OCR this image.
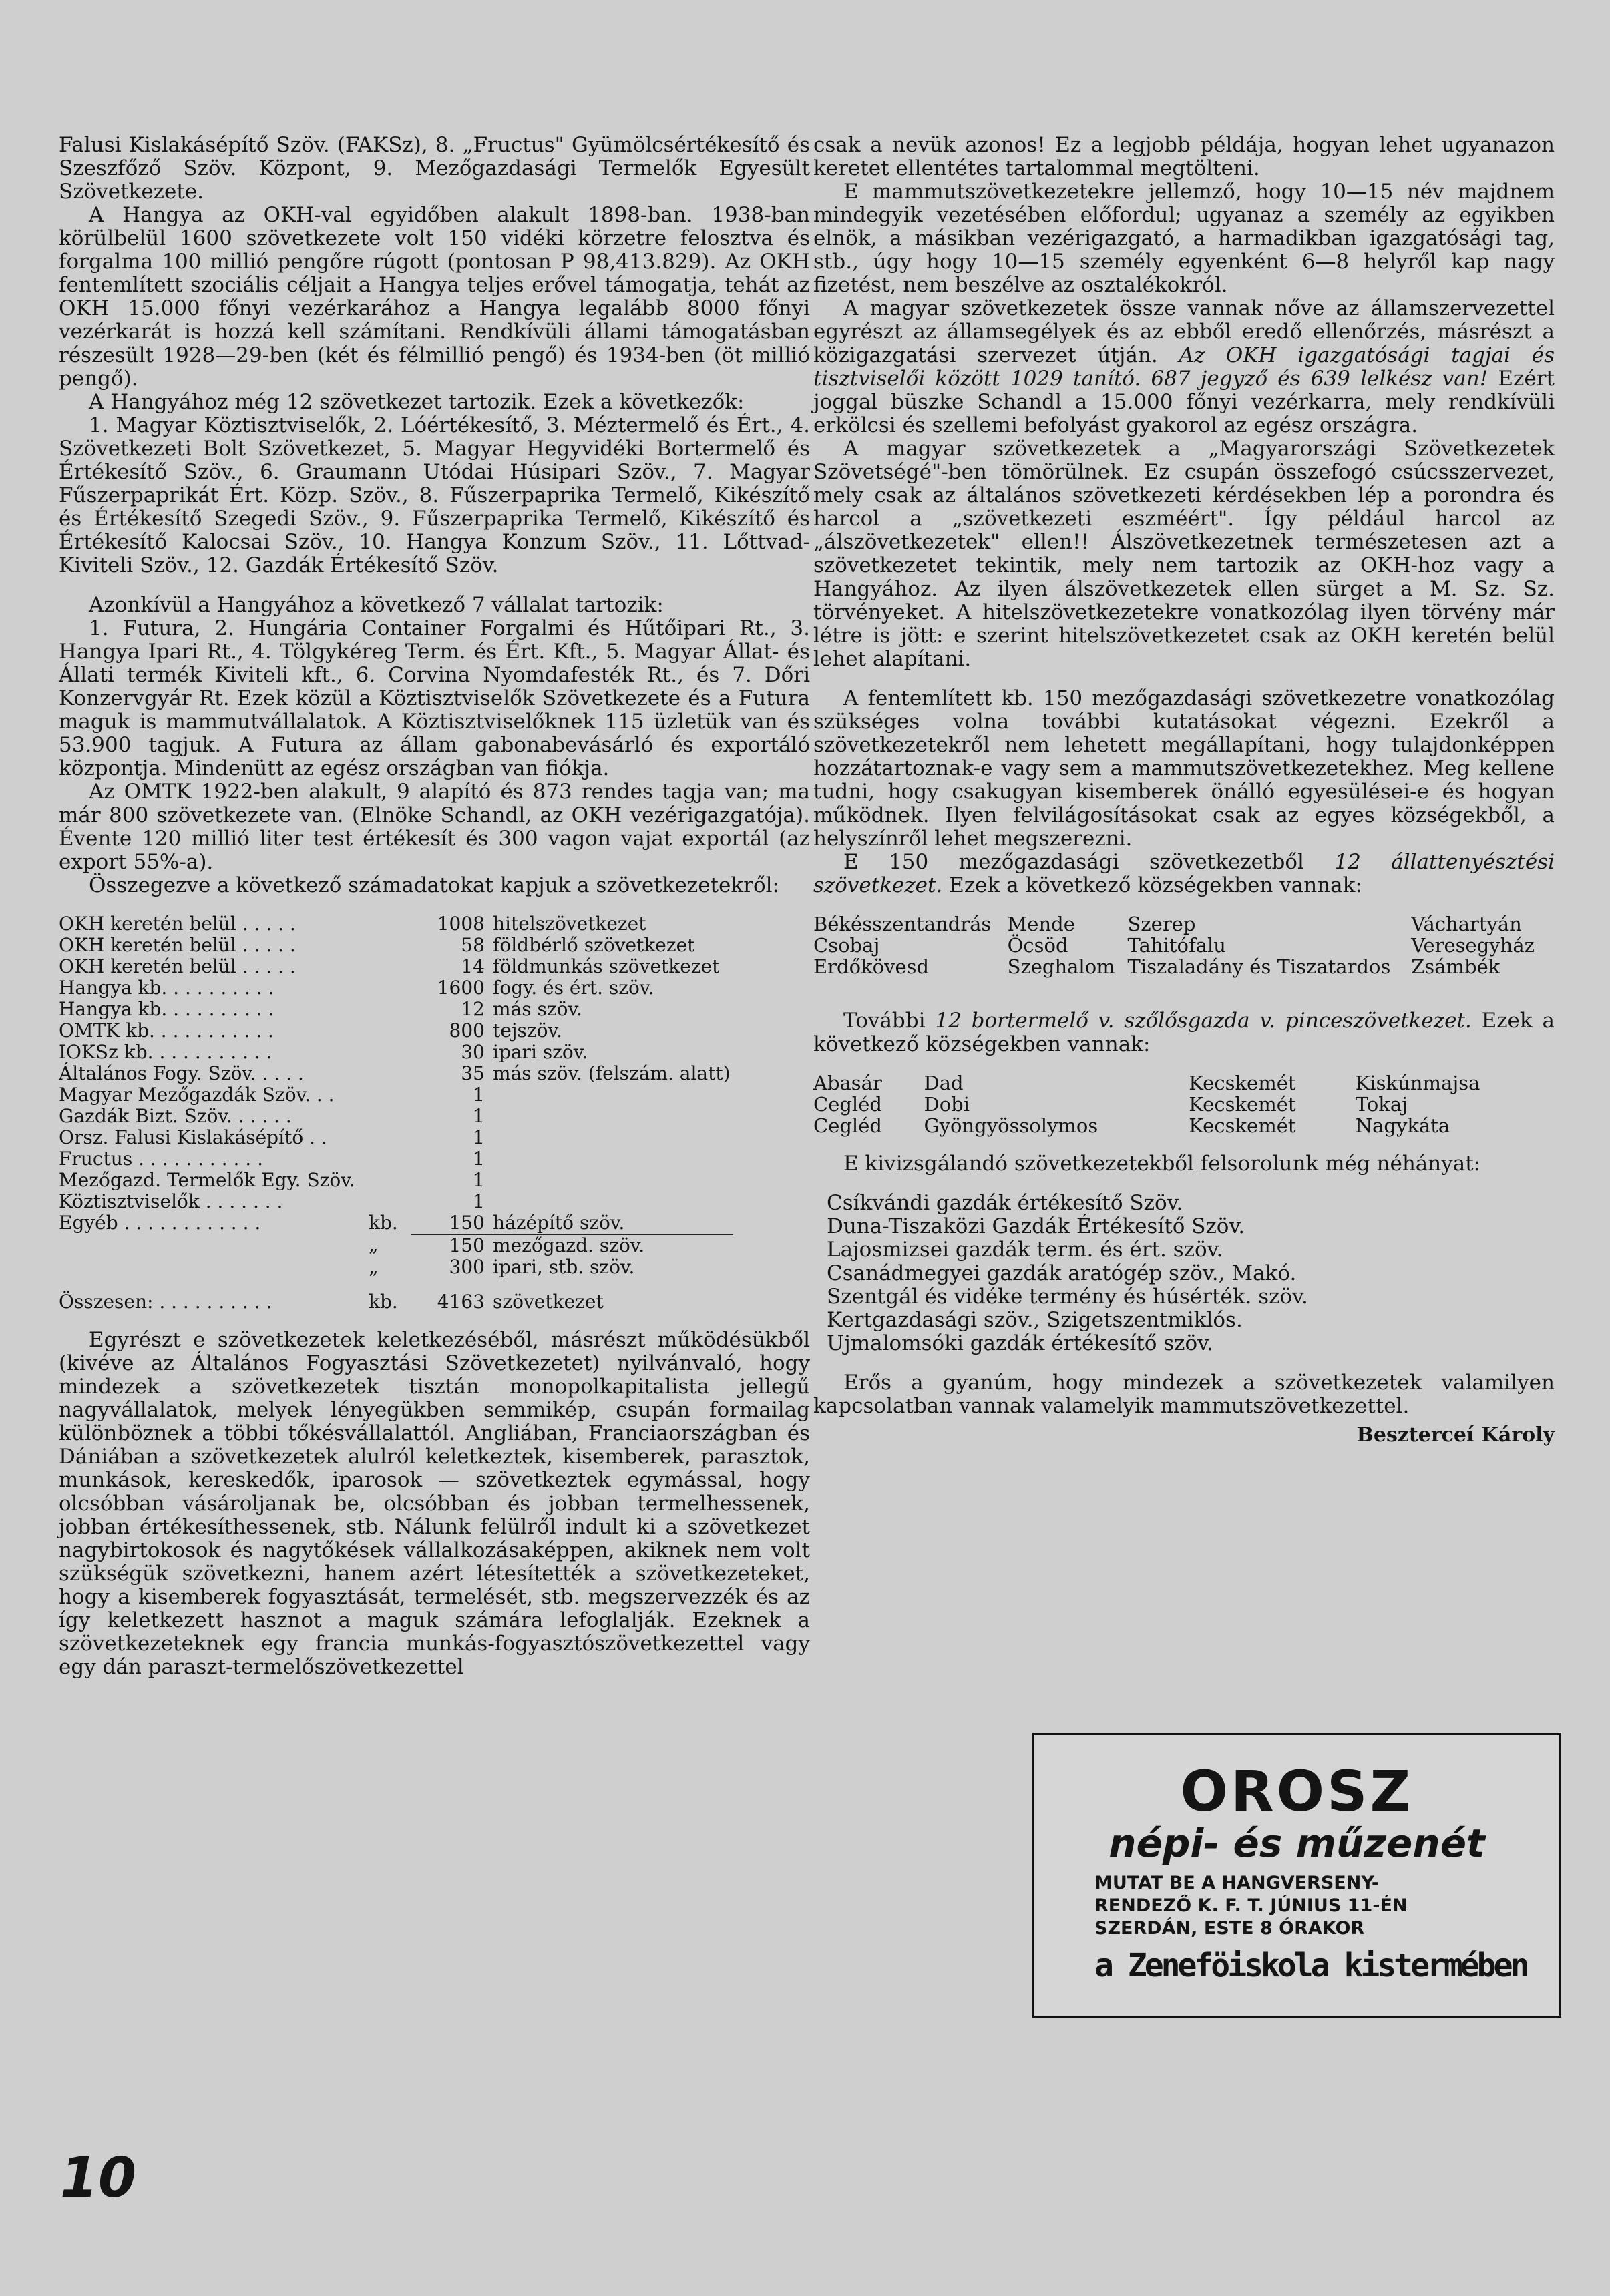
Falusi Kislakásépítő Szöv. (FAKSz), 8. „Fructus" Gyümölcsértékesítő és Szeszfőző Szöv. Központ, 9. Mezőgazdasági Termelők Egyesült Szövetkezete.

A Hangya az OKH-val egyidőben alakult 1898-ban. 1938-ban körülbelül 1600 szövetkezete volt 150 vidéki körzetre felosztva és forgalma 100 millió pengőre rúgott (pontosan P 98,413.829). Az OKH fentemlített szociális céljait a Hangya teljes erővel támogatja, tehát az OKH 15.000 főnyi vezérkarához a Hangya legalább 8000 főnyi vezérkarát is hozzá kell számítani. Rendkívüli állami támogatásban részesült 1928—29-ben (két és félmillió pengő) és 1934-ben (öt millió pengő).

A Hangyához még 12 szövetkezet tartozik. Ezek a következők:

1. Magyar Köztisztviselők, 2. Lóértékesítő, 3. Méztermelő és Ért., 4. Szövetkezeti Bolt Szövetkezet, 5. Magyar Hegyvidéki Bortermelő és Értékesítő Szöv., 6. Graumann Utódai Húsipari Szöv., 7. Magyar Fűszerpaprikát Ért. Közp. Szöv., 8. Fűszerpaprika Termelő, Kikészítő és Értékesítő Szegedi Szöv., 9. Fűszerpaprika Termelő, Kikészítő és Értékesítő Kalocsai Szöv., 10. Hangya Konzum Szöv., 11. Lőttvad-Kiviteli Szöv., 12. Gazdák Értékesítő Szöv.

Azonkívül a Hangyához a következő 7 vállalat tartozik:

1. Futura, 2. Hungária Container Forgalmi és Hűtőipari Rt., 3. Hangya Ipari Rt., 4. Tölgykéreg Term. és Ért. Kft., 5. Magyar Állat- és Állati termék Kiviteli kft., 6. Corvina Nyomdafesték Rt., és 7. Dőri Konzervgyár Rt. Ezek közül a Köztisztviselők Szövetkezete és a Futura maguk is mammutvállalatok. A Köztisztviselőknek 115 üzletük van és 53.900 tagjuk. A Futura az állam gabonabevásárló és exportáló központja. Mindenütt az egész országban van fiókja.

Az OMTK 1922-ben alakult, 9 alapító és 873 rendes tagja van; ma már 800 szövetkezete van. (Elnöke Schandl, az OKH vezérigazgatója). Évente 120 millió liter test értékesít és 300 vagon vajat exportál (az export 55%-a).

Összegezve a következő számadatokat kapjuk a szövetkezetekről:

OKH keretén belül . . . . .		1008	hitelszövetkezet
OKH keretén belül . . . . .		58	földbérlő szövetkezet
OKH keretén belül . . . . .		14	földmunkás szövetkezet
Hangya kb. . . . . . . . . .		1600	fogy. és ért. szöv.
Hangya kb. . . . . . . . . .		12	más szöv.
OMTK kb. . . . . . . . . . .		800	tejszöv.
IOKSz kb. . . . . . . . . . .		30	ipari szöv.
Általános Fogy. Szöv. . . . .		35	más szöv. (felszám. alatt)
Magyar Mezőgazdák Szöv. . .		1	
Gazdák Bizt. Szöv. . . . . .		1	
Orsz. Falusi Kislakásépítő . .		1	
Fructus . . . . . . . . . . .		1	
Mezőgazd. Termelők Egy. Szöv.		1	
Köztisztviselők . . . . . . .		1	
Egyéb . . . . . . . . . . . .	kb.	150	házépítő szöv.
	„	150	mezőgazd. szöv.
	„	300	ipari, stb. szöv.
Összesen: . . . . . . . . . .	kb.	4163	szövetkezet

Egyrészt e szövetkezetek keletkezéséből, másrészt működésükből (kivéve az Általános Fogyasztási Szövetkezetet) nyilvánvaló, hogy mindezek a szövetkezetek tisztán monopolkapitalista jellegű nagyvállalatok, melyek lényegükben semmikép, csupán formailag különböznek a többi tőkésvállalattól. Angliában, Franciaországban és Dániában a szövetkezetek alulról keletkeztek, kisemberek, parasztok, munkások, kereskedők, iparosok — szövetkeztek egymással, hogy olcsóbban vásároljanak be, olcsóbban és jobban termelhessenek, jobban értékesíthessenek, stb. Nálunk felülről indult ki a szövetkezet nagybirtokosok és nagytőkések vállalkozásaképpen, akiknek nem volt szükségük szövetkezni, hanem azért létesítették a szövetkezeteket, hogy a kisemberek fogyasztását, termelését, stb. megszervezzék és az így keletkezett hasznot a maguk számára lefoglalják. Ezeknek a szövetkezeteknek egy francia munkás-fogyasztószövetkezettel vagy egy dán paraszt-termelőszövetkezettel

csak a nevük azonos! Ez a legjobb példája, hogyan lehet ugyanazon keretet ellentétes tartalommal megtölteni.

E mammutszövetkezetekre jellemző, hogy 10—15 név majdnem mindegyik vezetésében előfordul; ugyanaz a személy az egyikben elnök, a másikban vezérigazgató, a harmadikban igazgatósági tag, stb., úgy hogy 10—15 személy egyenként 6—8 helyről kap nagy fizetést, nem beszélve az osztalékokról.

A magyar szövetkezetek össze vannak nőve az államszervezettel egyrészt az államsegélyek és az ebből eredő ellenőrzés, másrészt a közigazgatási szervezet útján. Az OKH igazgatósági tagjai és tisztviselői között 1029 tanító. 687 jegyző és 639 lelkész van! Ezért joggal büszke Schandl a 15.000 főnyi vezérkarra, mely rendkívüli erkölcsi és szellemi befolyást gyakorol az egész országra.

A magyar szövetkezetek a „Magyarországi Szövetkezetek Szövetségé"-ben tömörülnek. Ez csupán összefogó csúcsszervezet, mely csak az általános szövetkezeti kérdésekben lép a porondra és harcol a „szövetkezeti eszméért". Így például harcol az „álszövetkezetek" ellen!! Álszövetkezetnek természetesen azt a szövetkezetet tekintik, mely nem tartozik az OKH-hoz vagy a Hangyához. Az ilyen álszövetkezetek ellen sürget a M. Sz. Sz. törvényeket. A hitelszövetkezetekre vonatkozólag ilyen törvény már létre is jött: e szerint hitelszövetkezetet csak az OKH keretén belül lehet alapítani.

A fentemlített kb. 150 mezőgazdasági szövetkezetre vonatkozólag szükséges volna további kutatásokat végezni. Ezekről a szövetkezetekről nem lehetett megállapítani, hogy tulajdonképpen hozzátartoznak-e vagy sem a mammutszövetkezetekhez. Meg kellene tudni, hogy csakugyan kisemberek önálló egyesülései-e és hogyan működnek. Ilyen felvilágosításokat csak az egyes községekből, a helyszínről lehet megszerezni.

E 150 mezőgazdasági szövetkezetből 12 állattenyésztési szövetkezet. Ezek a következő községekben vannak:

Békésszentandrás	Mende	Szerep	Váchartyán
Csobaj	Öcsöd	Tahitófalu	Veresegyház
Erdőkövesd	Szeghalom	Tiszaladány és Tiszatardos	Zsámbék

További 12 bortermelő v. szőlősgazda v. pinceszövetkezet. Ezek a következő községekben vannak:

Abasár	Dad	Kecskemét	Kiskúnmajsa
Cegléd	Dobi	Kecskemét	Tokaj
Cegléd	Gyöngyössolymos	Kecskemét	Nagykáta

E kivizsgálandó szövetkezetekből felsorolunk még néhányat:

Csíkvándi gazdák értékesítő Szöv.
Duna-Tiszaközi Gazdák Értékesítő Szöv.
Lajosmizsei gazdák term. és ért. szöv.
Csanádmegyei gazdák aratógép szöv., Makó.
Szentgál és vidéke termény és húsérték. szöv.
Kertgazdasági szöv., Szigetszentmiklós.
Ujmalomsóki gazdák értékesítő szöv.

Erős a gyanúm, hogy mindezek a szövetkezetek valamilyen kapcsolatban vannak valamelyik mammutszövetkezettel.

Beszterceí Károly
OROSZ
népi- és műzenét
MUTAT BE A HANGVERSENY-
RENDEZŐ K. F. T. JÚNIUS 11-ÉN
SZERDÁN, ESTE 8 ÓRAKOR
a Zeneföiskola kistermében
10
